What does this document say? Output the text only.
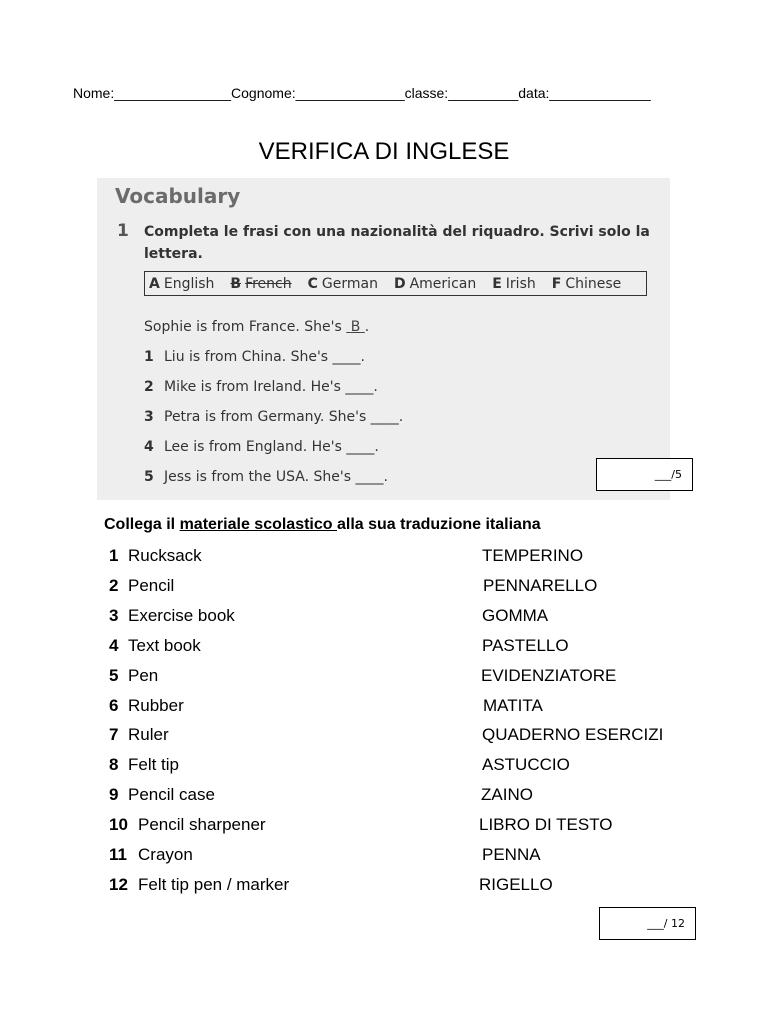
Nome:_______________Cognome:______________classe:_________data:_____________
VERIFICA DI INGLESE
Vocabulary
1 Completa le frasi con una nazionalità del riquadro. Scrivi solo la lettera.
A English B French C German D American E Irish F Chinese
Sophie is from France. She's B .
1 Liu is from China. She's ____.
2 Mike is from Ireland. He's ____.
3 Petra is from Germany. She's ____.
4 Lee is from England. He's ____.
5 Jess is from the USA. She's ____.	___/5
Collega il materiale scolastico alla sua traduzione italiana
1 Rucksack	TEMPERINO
2 Pencil	PENNARELLO
3 Exercise book	GOMMA
4 Text book	PASTELLO
5 Pen	EVIDENZIATORE
6 Rubber	MATITA
7 Ruler	QUADERNO ESERCIZI
8 Felt tip	ASTUCCIO
9 Pencil case	ZAINO
10 Pencil sharpener	LIBRO DI TESTO
11 Crayon	PENNA
12 Felt tip pen / marker	RIGELLO
___/ 12
